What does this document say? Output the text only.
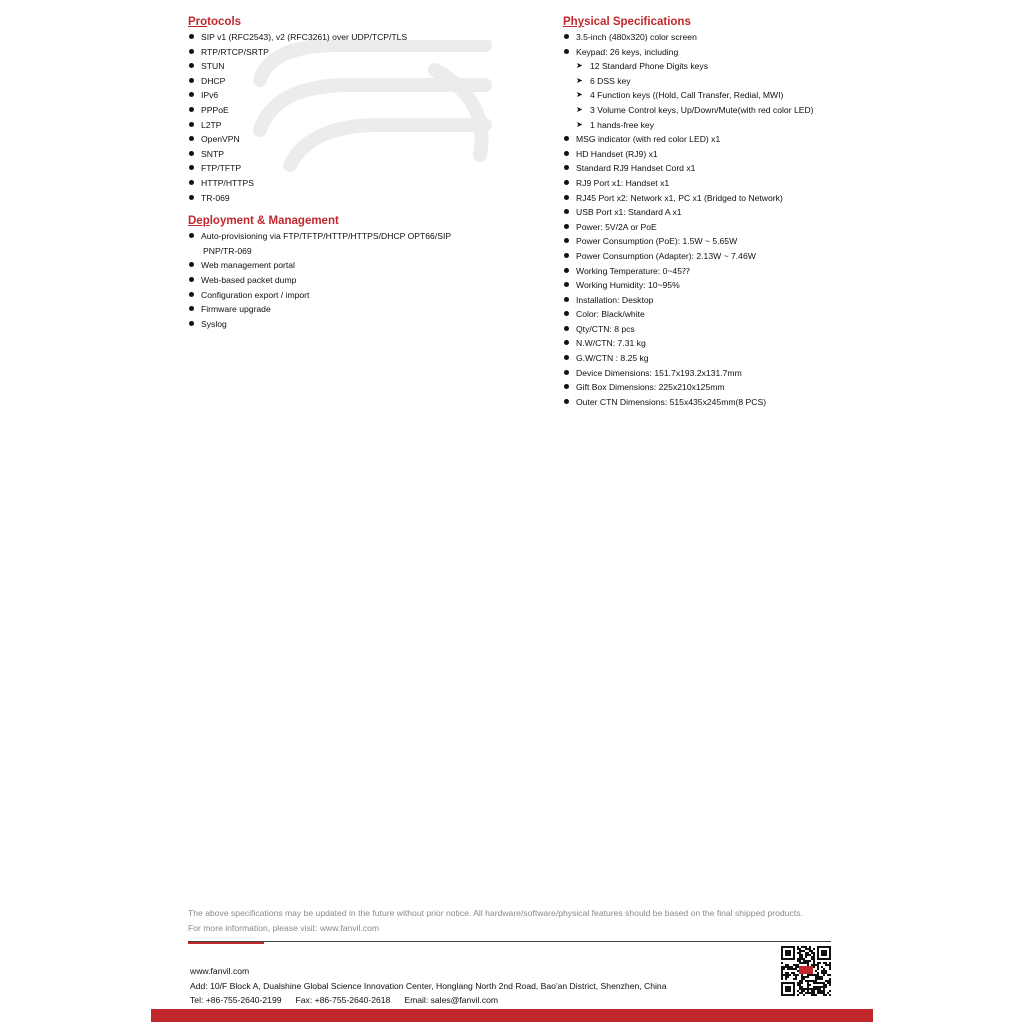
Protocols
SIP v1 (RFC2543), v2 (RFC3261) over UDP/TCP/TLS
RTP/RTCP/SRTP
STUN
DHCP
IPv6
PPPoE
L2TP
OpenVPN
SNTP
FTP/TFTP
HTTP/HTTPS
TR-069
Deployment & Management
Auto-provisioning via FTP/TFTP/HTTP/HTTPS/DHCP OPT66/SIP
PNP/TR-069
Web management portal
Web-based packet dump
Configuration export / import
Firmware upgrade
Syslog
Physical Specifications
3.5-inch (480x320) color screen
Keypad: 26 keys, including
➤ 12 Standard Phone Digits keys
➤ 6 DSS key
➤ 4 Function keys ((Hold, Call Transfer, Redial, MWI)
➤ 3 Volume Control keys, Up/Down/Mute(with red color LED)
➤ 1 hands-free key
MSG indicator (with red color LED) x1
HD Handset (RJ9) x1
Standard RJ9 Handset Cord x1
RJ9 Port x1: Handset x1
RJ45 Port x2: Network x1, PC x1 (Bridged to Network)
USB Port x1: Standard A x1
Power: 5V/2A or PoE
Power Consumption (PoE): 1.5W ~ 5.65W
Power Consumption (Adapter): 2.13W ~ 7.46W
Working Temperature: 0~45⁇
Working Humidity: 10~95%
Installation: Desktop
Color: Black/white
Qty/CTN: 8 pcs
N.W/CTN: 7.31 kg
G.W/CTN : 8.25 kg
Device Dimensions: 151.7x193.2x131.7mm
Gift Box Dimensions: 225x210x125mm
Outer CTN Dimensions: 515x435x245mm(8 PCS)
The above specifications may be updated in the future without prior notice. All hardware/software/physical features should be based on the final shipped products.
For more information, please visit: www.fanvil.com
www.fanvil.com
Add: 10/F Block A, Dualshine Global Science Innovation Center, Honglang North 2nd Road, Bao'an District, Shenzhen, China
Tel: +86-755-2640-2199 Fax: +86-755-2640-2618 Email: sales@fanvil.com
